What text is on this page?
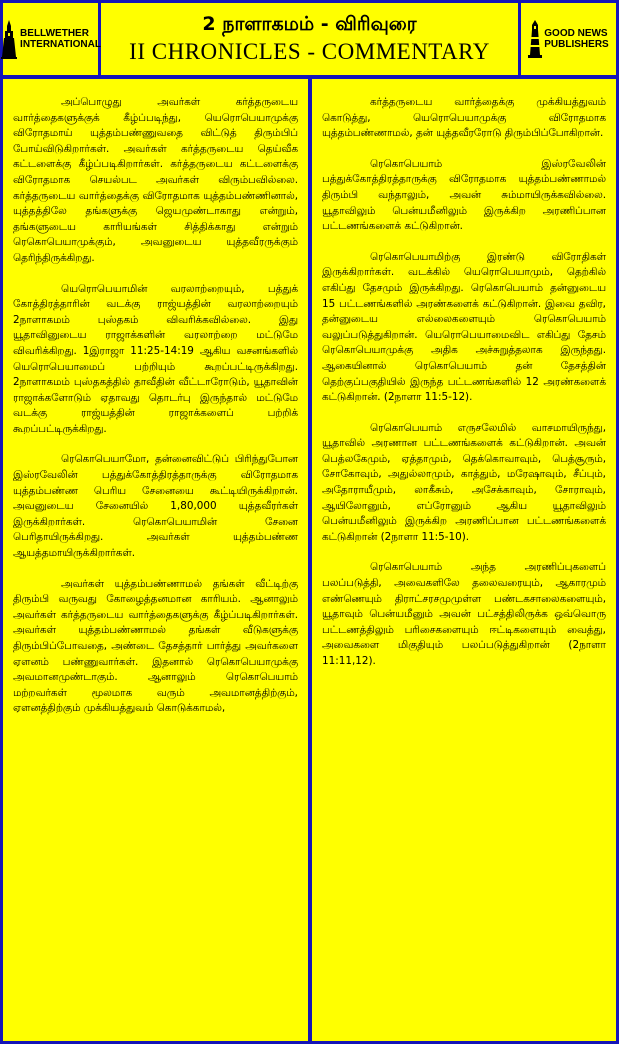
BELLWETHER
INTERNATIONAL
2 நாளாகமம் - விரிவுரை
II CHRONICLES - COMMENTARY
GOOD NEWS
PUBLISHERS

அப்பொழுது அவர்கள் கர்த்தருடைய வார்த்தைகளுக்குக் கீழ்ப்படிந்து, யெரொபெயாமுக்கு விரோதமாய் யுத்தம்பண்ணுவதை விட்டுத் திரும்பிப் போய்விடுகிறார்கள். அவர்கள் கர்த்தருடைய தெய்வீக கட்டளைக்கு கீழ்ப்படிகிறார்கள். கர்த்தருடைய கட்டளைக்கு விரோதமாக செயல்பட அவர்கள் விரும்பவில்லை. கர்த்தருடைய வார்த்தைக்கு விரோதமாக யுத்தம்பண்ணினால், யுத்தத்திலே தங்களுக்கு ஜெயமுண்டாகாது என்றும், தங்களுடைய காரியங்கள் சித்திக்காது என்றும் ரெகொபெயாமுக்கும், அவனுடைய யுத்தவீரருக்கும் தெரிந்திருக்கிறது.

யெரொபெயாமின் வரலாற்றையும், பத்துக் கோத்திரத்தாரின் வடக்கு ராஜ்யத்தின் வரலாற்றையும் 2நாளாகமம் புஸ்தகம் விவரிக்கவில்லை. இது யூதாவினுடைய ராஜாக்களின் வரலாற்றை மட்டுமே விவரிக்கிறது. 1இராஜா 11:25-14:19 ஆகிய வசனங்களில் யெரொபெயாமைப் பற்றியும் கூறப்பட்டிருக்கிறது. 2நாளாகமம் புஸ்தகத்தில் தாவீதின் வீட்டாரோடும், யூதாவின் ராஜாக்களோடும் ஏதாவது தொடர்பு இருந்தால் மட்டுமே வடக்கு ராஜ்யத்தின் ராஜாக்களைப் பற்றிக் கூறப்பட்டிருக்கிறது.

ரெகொபெயாமோ, தன்னைவிட்டுப் பிரிந்துபோன இஸ்ரவேலின் பத்துக்கோத்திரத்தாருக்கு விரோதமாக யுத்தம்பண்ண பெரிய சேனையை கூட்டியிருக்கிறான். அவனுடைய சேனையில் 1,80,000 யுத்தவீரர்கள் இருக்கிறார்கள். ரெகொபெயாமின் சேனை பெரிதாயிருக்கிறது. அவர்கள் யுத்தம்பண்ண ஆயத்தமாயிருக்கிறார்கள்.

அவர்கள் யுத்தம்பண்ணாமல் தங்கள் வீட்டிற்கு திரும்பி வருவது கோழைத்தனமான காரியம். ஆனாலும் அவர்கள் கர்த்தருடைய வார்த்தைகளுக்கு கீழ்ப்படிகிறார்கள். அவர்கள் யுத்தம்பண்ணாமல் தங்கள் வீடுகளுக்கு திரும்பிப்போவதை, அண்டை தேசத்தார் பார்த்து அவர்களை ஏளனம் பண்ணுவார்கள். இதனால் ரெகொபெயாமுக்கு அவமானமுண்டாகும். ஆனாலும் ரெகொபெயாம் மற்றவர்கள் மூலமாக வரும் அவமானத்திற்கும், ஏளனத்திற்கும் முக்கியத்துவம் கொடுக்காமல்,

கர்த்தருடைய வார்த்தைக்கு முக்கியத்துவம் கொடுத்து, யெரொபெயாமுக்கு விரோதமாக யுத்தம்பண்ணாமல், தன் யுத்தவீரரோடு திரும்பிப்போகிறான்.

ரெகொபெயாம் இஸ்ரவேலின் பத்துக்கோத்திரத்தாருக்கு விரோதமாக யுத்தம்பண்ணாமல் திரும்பி வந்தாலும், அவன் சும்மாயிருக்கவில்லை. யூதாவிலும் பென்யமீனிலும் இருக்கிற அரணிப்பான பட்டணங்களைக் கட்டுகிறான்.

ரெகொபெயாமிற்கு இரண்டு விரோதிகள் இருக்கிறார்கள். வடக்கில் யெரொபெயாமும், தெற்கில் எகிப்து தேசமும் இருக்கிறது. ரெகொபெயாம் தன்னுடைய 15 பட்டணங்களில் அரண்களைக் கட்டுகிறான். இவை தவிர, தன்னுடைய எல்லைகளையும் ரெகொபெயாம் வலுப்படுத்துகிறான். யெரொபெயாமைவிட எகிப்து தேசம் ரெகொபெயாமுக்கு அதிக அச்சுறுத்தலாக இருந்தது. ஆகையினால் ரெகொபெயாம் தன் தேசத்தின் தெற்குப்பகுதியில் இருந்த பட்டணங்களில் 12 அரண்களைக் கட்டுகிறான். (2நாளா 11:5-12).

ரெகொபெயாம் எருசலேமில் வாசமாயிருந்து, யூதாவில் அரணான பட்டணங்களைக் கட்டுகிறான். அவன் பெத்லகேமும், ஏத்தாமும், தெக்கொவாவும், பெத்சூரும், சோகோவும், அதுல்லாமும், காத்தும், மரேஷாவும், சீப்பும், அதோராயீமும், லாகீசும், அசேக்காவும், சோராவும், ஆயிலோனும், எப்ரோனும் ஆகிய யூதாவிலும் பென்யமீனிலும் இருக்கிற அரணிப்பான பட்டணங்களைக் கட்டுகிறான் (2நாளா 11:5-10).

ரெகொபெயாம் அந்த அரணிப்புகளைப் பலப்படுத்தி, அவைகளிலே தலைவரையும், ஆகாரமும் எண்ணெயும் திராட்சரசமுமுள்ள பண்டகசாலைகளையும், யூதாவும் பென்யமீனும் அவன் பட்சத்திலிருக்க ஒவ்வொரு பட்டணத்திலும் பரிசைகளையும் ஈட்டிகளையும் வைத்து, அவைகளை மிகுதியும் பலப்படுத்துகிறான் (2நாளா 11:11,12).
